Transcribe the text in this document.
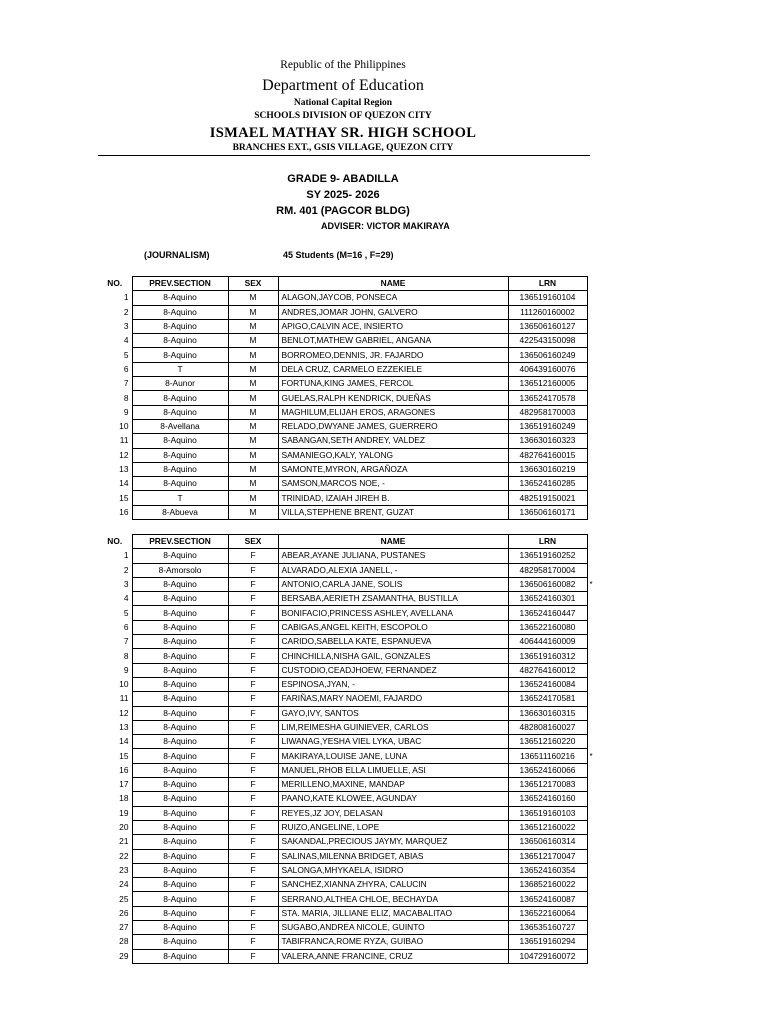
Republic of the Philippines
Department of Education
National Capital Region
SCHOOLS DIVISION OF QUEZON CITY
ISMAEL MATHAY SR. HIGH SCHOOL
BRANCHES EXT., GSIS VILLAGE, QUEZON CITY
GRADE 9- ABADILLA
SY 2025- 2026
RM. 401 (PAGCOR BLDG)
ADVISER: VICTOR MAKIRAYA
(JOURNALISM)	45 Students (M=16 , F=29)
NO.	PREV.SECTION	SEX	NAME	LRN	
1	8-Aquino	M	ALAGON,JAYCOB, PONSECA	136519160104	
2	8-Aquino	M	ANDRES,JOMAR JOHN, GALVERO	111260160002	
3	8-Aquino	M	APIGO,CALVIN ACE, INSIERTO	136506160127	
4	8-Aquino	M	BENLOT,MATHEW GABRIEL, ANGANA	422543150098	
5	8-Aquino	M	BORROMEO,DENNIS, JR. FAJARDO	136506160249	
6	T	M	DELA CRUZ, CARMELO EZZEKIELE	406439160076	
7	8-Aunor	M	FORTUNA,KING JAMES, FERCOL	136512160005	
8	8-Aquino	M	GUELAS,RALPH KENDRICK, DUEÑAS	136524170578	
9	8-Aquino	M	MAGHILUM,ELIJAH EROS, ARAGONES	482958170003	
10	8-Avellana	M	RELADO,DWYANE JAMES, GUERRERO	136519160249	
11	8-Aquino	M	SABANGAN,SETH ANDREY, VALDEZ	136630160323	
12	8-Aquino	M	SAMANIEGO,KALY, YALONG	482764160015	
13	8-Aquino	M	SAMONTE,MYRON, ARGAÑOZA	136630160219	
14	8-Aquino	M	SAMSON,MARCOS NOE, -	136524160285	
15	T	M	TRINIDAD, IZAIAH JIREH B.	482519150021	
16	8-Abueva	M	VILLA,STEPHENE BRENT, GUZAT	136506160171	
NO.	PREV.SECTION	SEX	NAME	LRN	
1	8-Aquino	F	ABEAR,AYANE JULIANA, PUSTANES	136519160252	
2	8-Amorsolo	F	ALVARADO,ALEXIA JANELL, -	482958170004	
3	8-Aquino	F	ANTONIO,CARLA JANE, SOLIS	136506160082	*
4	8-Aquino	F	BERSABA,AERIETH ZSAMANTHA, BUSTILLA	136524160301	
5	8-Aquino	F	BONIFACIO,PRINCESS ASHLEY, AVELLANA	136524160447	
6	8-Aquino	F	CABIGAS,ANGEL KEITH, ESCOPOLO	136522160080	
7	8-Aquino	F	CARIDO,SABELLA KATE, ESPANUEVA	406444160009	
8	8-Aquino	F	CHINCHILLA,NISHA GAIL, GONZALES	136519160312	
9	8-Aquino	F	CUSTODIO,CEADJHOEW, FERNANDEZ	482764160012	
10	8-Aquino	F	ESPINOSA,JYAN, -	136524160084	
11	8-Aquino	F	FARIÑAS,MARY NAOEMI, FAJARDO	136524170581	
12	8-Aquino	F	GAYO,IVY, SANTOS	136630160315	
13	8-Aquino	F	LIM,REIMESHA GUINIEVER, CARLOS	482808160027	
14	8-Aquino	F	LIWANAG,YESHA VIEL LYKA, UBAC	136512160220	
15	8-Aquino	F	MAKIRAYA,LOUISE JANE, LUNA	136511160216	*
16	8-Aquino	F	MANUEL,RHOB ELLA LIMUELLE, ASI	136524160066	
17	8-Aquino	F	MERILLENO,MAXINE, MANDAP	136512170083	
18	8-Aquino	F	PAANO,KATE KLOWEE, AGUNDAY	136524160160	
19	8-Aquino	F	REYES,JZ JOY, DELASAN	136519160103	
20	8-Aquino	F	RUIZO,ANGELINE, LOPE	136512160022	
21	8-Aquino	F	SAKANDAL,PRECIOUS JAYMY, MARQUEZ	136506160314	
22	8-Aquino	F	SALINAS,MILENNA BRIDGET, ABIAS	136512170047	
23	8-Aquino	F	SALONGA,MHYKAELA, ISIDRO	136524160354	
24	8-Aquino	F	SANCHEZ,XIANNA ZHYRA, CALUCIN	136852160022	
25	8-Aquino	F	SERRANO,ALTHEA CHLOE, BECHAYDA	136524160087	
26	8-Aquino	F	STA. MARIA, JILLIANE ELIZ, MACABALITAO	136522160064	
27	8-Aquino	F	SUGABO,ANDREA NICOLE, GUINTO	136535160727	
28	8-Aquino	F	TABIFRANCA,ROME RYZA, GUIBAO	136519160294	
29	8-Aquino	F	VALERA,ANNE FRANCINE, CRUZ	104729160072	
